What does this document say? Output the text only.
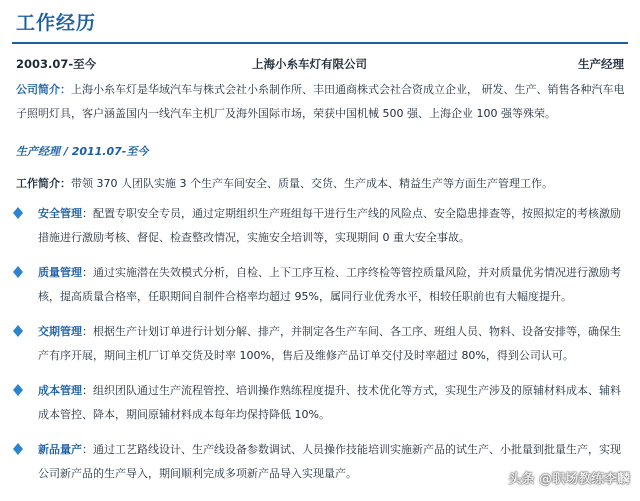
工作经历
2003.07-至今	上海小糸车灯有限公司	生产经理
公司简介：上海小糸车灯是华域汽车与株式会社小糸制作所、丰田通商株式会社合资成立企业， 研发、生产、销售各种汽车电子照明灯具，客户涵盖国内一线汽车主机厂及海外国际市场，荣获中国机械 500 强、上海企业 100 强等殊荣。
生产经理 / 2011.07-至今
工作简介：带领 370 人团队实施 3 个生产车间安全、质量、交货、生产成本、精益生产等方面生产管理工作。
安全管理：配置专职安全专员，通过定期组织生产班组每干进行生产线的风险点、安全隐患排查等，按照拟定的考核激励措施进行激励考核、督促、检查整改情况，实施安全培训等，实现期间 0 重大安全事故。
质量管理：通过实施潜在失效模式分析，自检、上下工序互检、工序终检等管控质量风险，并对质量优劣情况进行激励考核，提高质量合格率，任职期间自制件合格率均超过 95%，属同行业优秀水平，相较任职前也有大幅度提升。
交期管理：根据生产计划订单进行计划分解、排产，并制定各生产车间、各工序、班组人员、物料、设备安排等，确保生产有序开展，期间主机厂订单交货及时率 100%，售后及维修产品订单交付及时率超过 80%，得到公司认可。
成本管理：组织团队通过生产流程管控、培训操作熟练程度提升、技术优化等方式，实现生产涉及的原辅材料成本、辅料成本管控、降本，期间原辅材料成本每年均保持降低 10%。
新品量产：通过工艺路线设计、生产线设备参数调试、人员操作技能培训实施新产品的试生产、小批量到批量生产，实现公司新产品的生产导入，期间顺利完成多项新产品导入实现量产。	头条 @职场教练李麟
